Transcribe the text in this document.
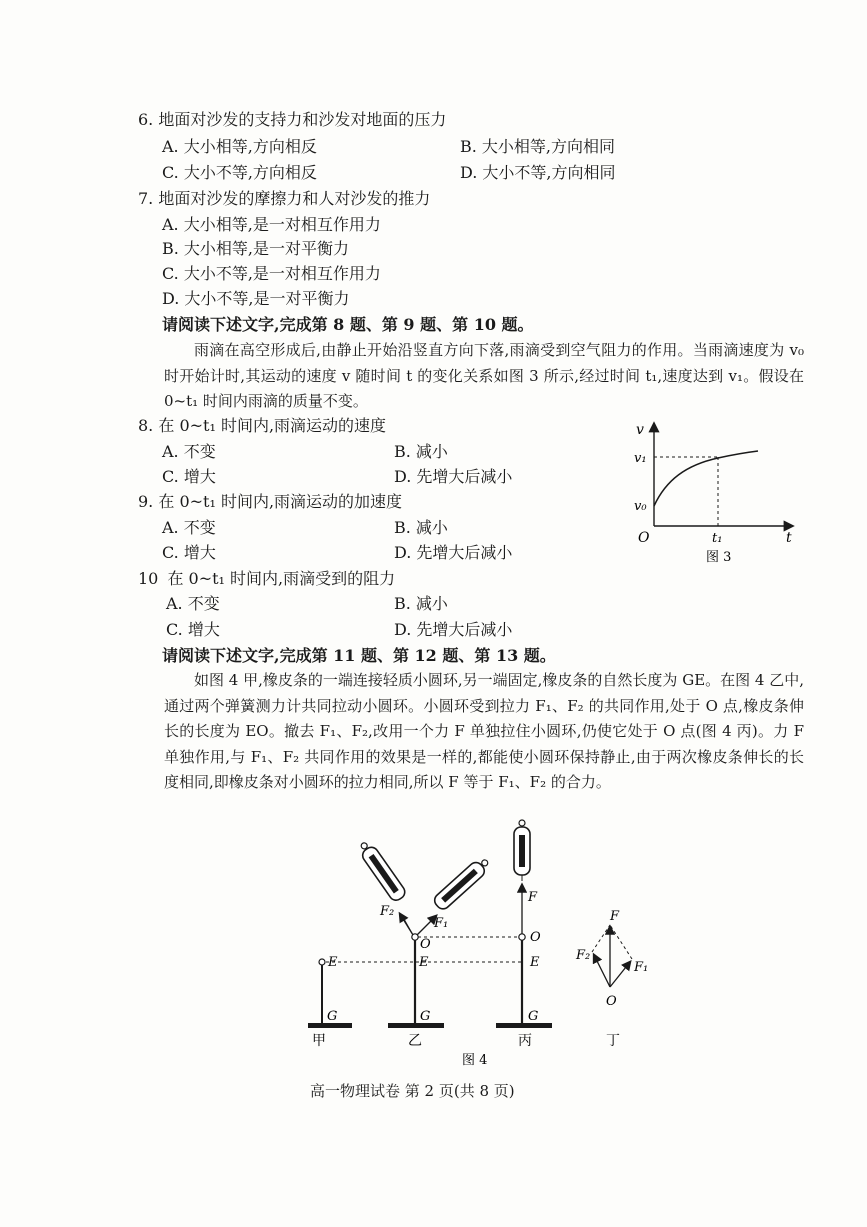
6. 地面对沙发的支持力和沙发对地面的压力
A. 大小相等,方向相反	B. 大小相等,方向相同
C. 大小不等,方向相反	D. 大小不等,方向相同
7. 地面对沙发的摩擦力和人对沙发的推力
A. 大小相等,是一对相互作用力
B. 大小相等,是一对平衡力
C. 大小不等,是一对相互作用力
D. 大小不等,是一对平衡力
请阅读下述文字,完成第 8 题、第 9 题、第 10 题。

雨滴在高空形成后,由静止开始沿竖直方向下落,雨滴受到空气阻力的作用。当雨滴速度为 v₀ 时开始计时,其运动的速度 v 随时间 t 的变化关系如图 3 所示,经过时间 t₁,速度达到 v₁。假设在 0~t₁ 时间内雨滴的质量不变。

8. 在 0~t₁ 时间内,雨滴运动的速度
A. 不变	B. 减小
C. 增大	D. 先增大后减小
9. 在 0~t₁ 时间内,雨滴运动的加速度
A. 不变	B. 减小
C. 增大	D. 先增大后减小
10 在 0~t₁ 时间内,雨滴受到的阻力
A. 不变	B. 减小
C. 增大	D. 先增大后减小
v
t
O
v₁
v₀
t₁
图 3
请阅读下述文字,完成第 11 题、第 12 题、第 13 题。

如图 4 甲,橡皮条的一端连接轻质小圆环,另一端固定,橡皮条的自然长度为 GE。在图 4 乙中,通过两个弹簧测力计共同拉动小圆环。小圆环受到拉力 F₁、F₂ 的共同作用,处于 O 点,橡皮条伸长的长度为 EO。撤去 F₁、F₂,改用一个力 F 单独拉住小圆环,仍使它处于 O 点(图 4 丙)。力 F 单独作用,与 F₁、F₂ 共同作用的效果是一样的,都能使小圆环保持静止,由于两次橡皮条伸长的长度相同,即橡皮条对小圆环的拉力相同,所以 F 等于 F₁、F₂ 的合力。

E
G
甲
F₂
F₁
O
E
G
乙
F
O
E
G
丙
F
F₂
F₁
O
丁
图 4
高一物理试卷 第 2 页(共 8 页)
